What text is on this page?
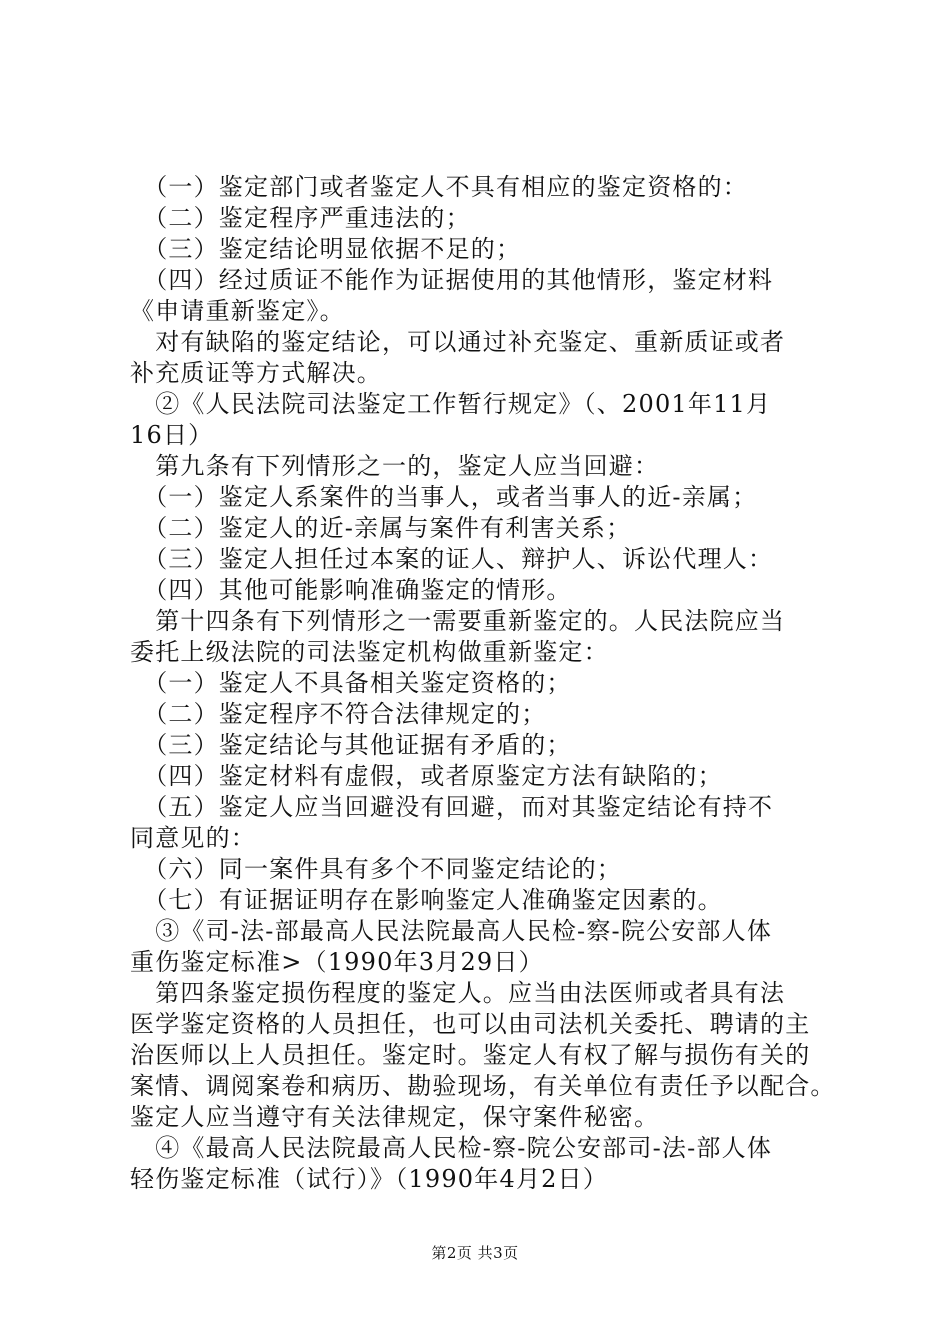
　（一）鉴定部门或者鉴定人不具有相应的鉴定资格的：
　（二）鉴定程序严重违法的；
　（三）鉴定结论明显依据不足的；
　（四）经过质证不能作为证据使用的其他情形，鉴定材料
《申请重新鉴定》。
　对有缺陷的鉴定结论，可以通过补充鉴定、重新质证或者
补充质证等方式解决。
　②《人民法院司法鉴定工作暂行规定》（、2001年11月
16日）
　第九条有下列情形之一的，鉴定人应当回避：
　（一）鉴定人系案件的当事人，或者当事人的近-亲属；
　（二）鉴定人的近-亲属与案件有利害关系；
　（三）鉴定人担任过本案的证人、辩护人、诉讼代理人：
　（四）其他可能影响准确鉴定的情形。
　第十四条有下列情形之一需要重新鉴定的。人民法院应当
委托上级法院的司法鉴定机构做重新鉴定：
　（一）鉴定人不具备相关鉴定资格的；
　（二）鉴定程序不符合法律规定的；
　（三）鉴定结论与其他证据有矛盾的；
　（四）鉴定材料有虚假，或者原鉴定方法有缺陷的；
　（五）鉴定人应当回避没有回避，而对其鉴定结论有持不
同意见的：
　（六）同一案件具有多个不同鉴定结论的；
　（七）有证据证明存在影响鉴定人准确鉴定因素的。
　③《司-法-部最高人民法院最高人民检-察-院公安部人体
重伤鉴定标准>（1990年3月29日）
　第四条鉴定损伤程度的鉴定人。应当由法医师或者具有法
医学鉴定资格的人员担任，也可以由司法机关委托、聘请的主
治医师以上人员担任。鉴定时。鉴定人有权了解与损伤有关的
案情、调阅案卷和病历、勘验现场，有关单位有责任予以配合。
鉴定人应当遵守有关法律规定，保守案件秘密。
　④《最高人民法院最高人民检-察-院公安部司-法-部人体
轻伤鉴定标准（试行）》（1990年4月2日）
第2页 共3页
